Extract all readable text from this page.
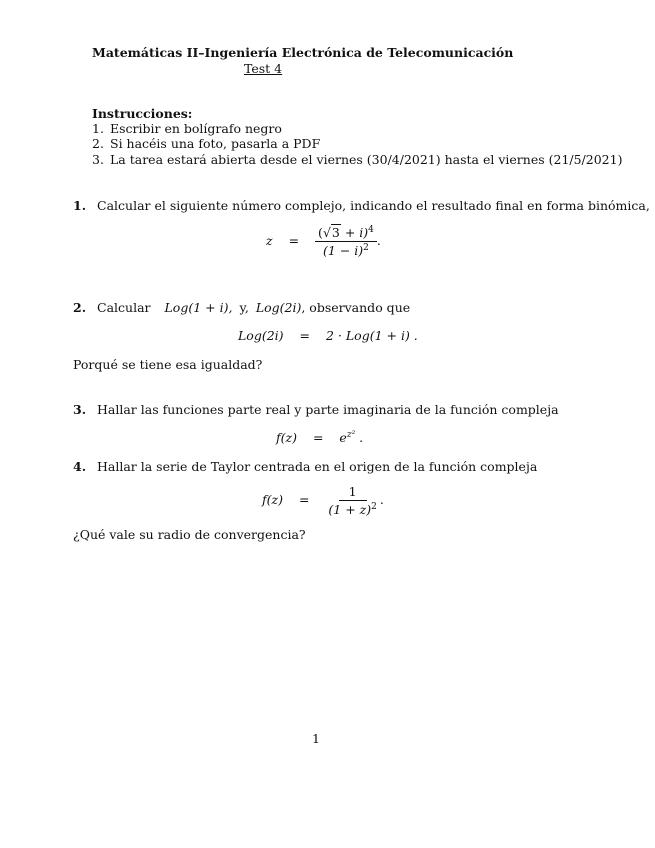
Matemáticas II–Ingeniería Electrónica de Telecomunicación
Test 4
Instrucciones:
1. Escribir en bolígrafo negro
2. Si hacéis una foto, pasarla a PDF
3. La tarea estará abierta desde el viernes (30/4/2021) hasta el viernes (21/5/2021)
1. Calcular el siguiente número complejo, indicando el resultado final en forma binómica,
$z = \frac{(√3 + i)^4}{(1 - i)^2}$ .
2. Calcular Log(1 + i), y, Log(2i), observando que
Log(2i) = 2 · Log(1 + i) .
Porqué se tiene esa igualdad?
3. Hallar las funciones parte real y parte imaginaria de la función compleja
$f(z) = e^{z^2}$ .
4. Hallar la serie de Taylor centrada en el origen de la función compleja
$f(z) = \frac{1}{(1 + z)^2}$ .
¿Qué vale su radio de convergencia?
1
